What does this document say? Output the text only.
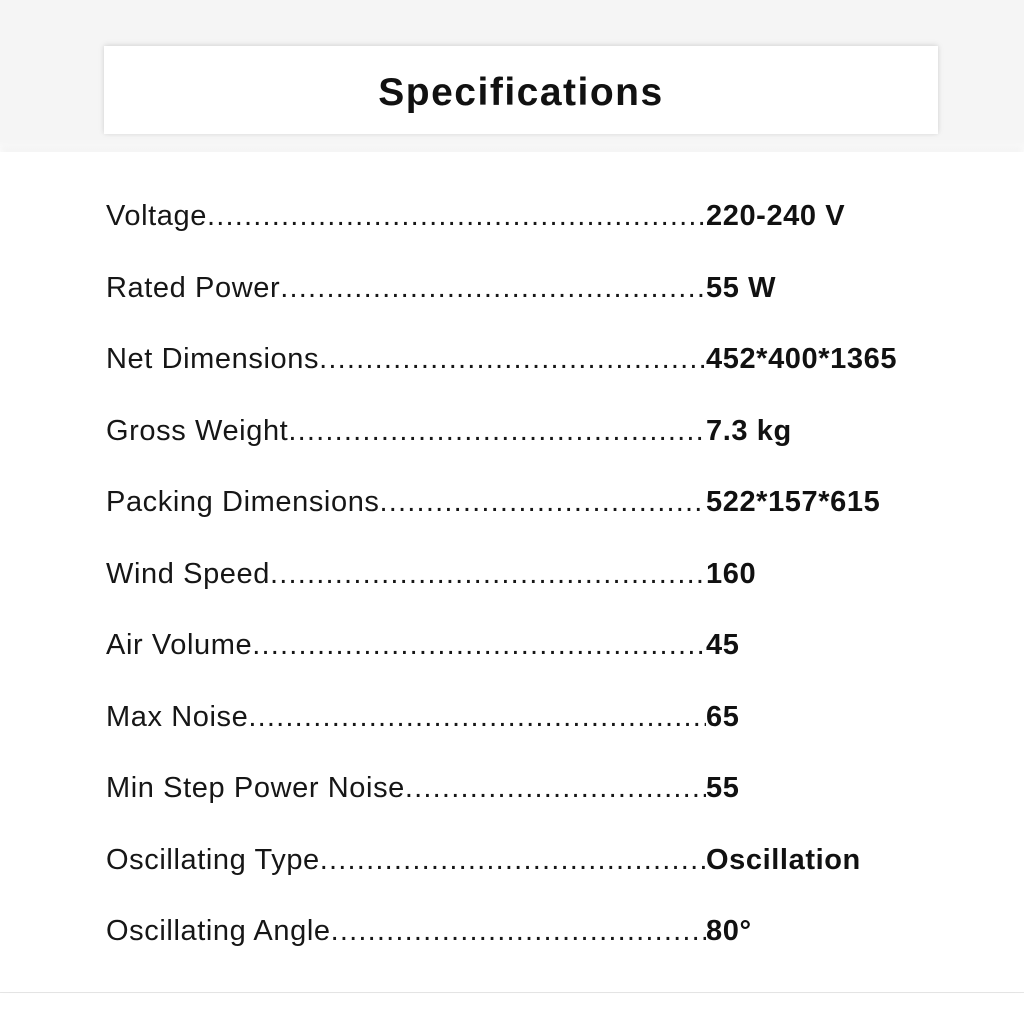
Specifications
Voltage .....	220-240 V
Rated Power .....	55 W
Net Dimensions .....	452*400*1365
Gross Weight .....	7.3 kg
Packing Dimensions .....	522*157*615
Wind Speed .....	160
Air Volume .....	45
Max Noise .....	65
Min Step Power Noise .....	55
Oscillating Type .....	Oscillation
Oscillating Angle .....	80°
